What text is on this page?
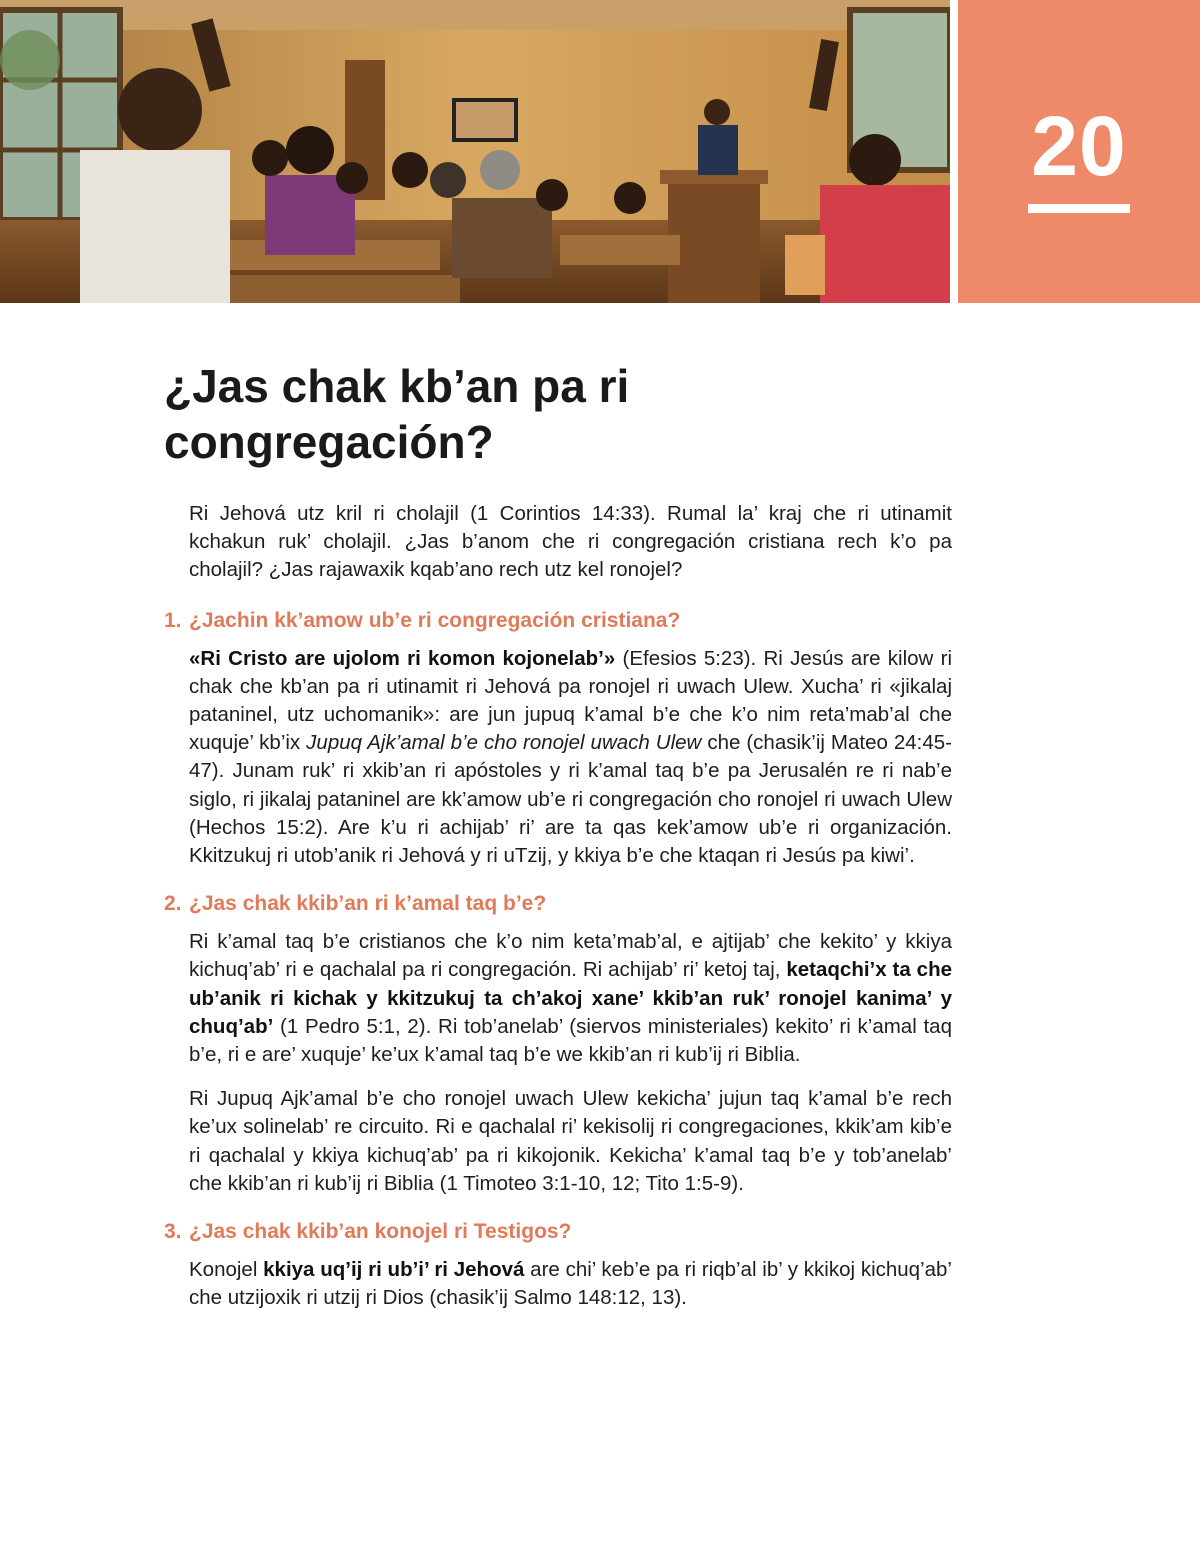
20
¿Jas chak kb’an pa ri congregación?

Ri Jehová utz kril ri cholajil (1 Corintios 14:33). Rumal la’ kraj che ri utinamit kchakun ruk’ cholajil. ¿Jas b’anom che ri congregación cristiana rech k’o pa cholajil? ¿Jas rajawaxik kqab’ano rech utz kel ronojel?

1. ¿Jachin kk’amow ub’e ri congregación cristiana?

«Ri Cristo are ujolom ri komon kojonelab’» (Efesios 5:23). Ri Jesús are kilow ri chak che kb’an pa ri utinamit ri Jehová pa ronojel ri uwach Ulew. Xucha’ ri «jikalaj pataninel, utz uchomanik»: are jun jupuq k’amal b’e che k’o nim reta’mab’al che xuquje’ kb’ix Jupuq Ajk’amal b’e cho ronojel uwach Ulew che (chasik’ij Mateo 24:45-47). Junam ruk’ ri xkib’an ri apóstoles y ri k’amal taq b’e pa Jerusalén re ri nab’e siglo, ri jikalaj pataninel are kk’amow ub’e ri congregación cho ronojel ri uwach Ulew (Hechos 15:2). Are k’u ri achijab’ ri’ are ta qas kek’amow ub’e ri organización. Kkitzukuj ri utob’anik ri Jehová y ri uTzij, y kkiya b’e che ktaqan ri Jesús pa kiwi’.

2. ¿Jas chak kkib’an ri k’amal taq b’e?

Ri k’amal taq b’e cristianos che k’o nim keta’mab’al, e ajtijab’ che kekito’ y kkiya kichuq’ab’ ri e qachalal pa ri congregación. Ri achijab’ ri’ ketoj taj, ketaqchi’x ta che ub’anik ri kichak y kkitzukuj ta ch’akoj xane’ kkib’an ruk’ ronojel kanima’ y chuq’ab’ (1 Pedro 5:1, 2). Ri tob’anelab’ (siervos ministeriales) kekito’ ri k’amal taq b’e, ri e are’ xuquje’ ke’ux k’amal taq b’e we kkib’an ri kub’ij ri Biblia.

Ri Jupuq Ajk’amal b’e cho ronojel uwach Ulew kekicha’ jujun taq k’amal b’e rech ke’ux solinelab’ re circuito. Ri e qachalal ri’ kekisolij ri congregaciones, kkik’am kib’e ri qachalal y kkiya kichuq’ab’ pa ri kikojonik. Kekicha’ k’amal taq b’e y tob’anelab’ che kkib’an ri kub’ij ri Biblia (1 Timoteo 3:1-10, 12; Tito 1:5-9).

3. ¿Jas chak kkib’an konojel ri Testigos?

Konojel kkiya uq’ij ri ub’i’ ri Jehová are chi’ keb’e pa ri riqb’al ib’ y kkikoj kichuq’ab’ che utzijoxik ri utzij ri Dios (chasik’ij Salmo 148:12, 13).
